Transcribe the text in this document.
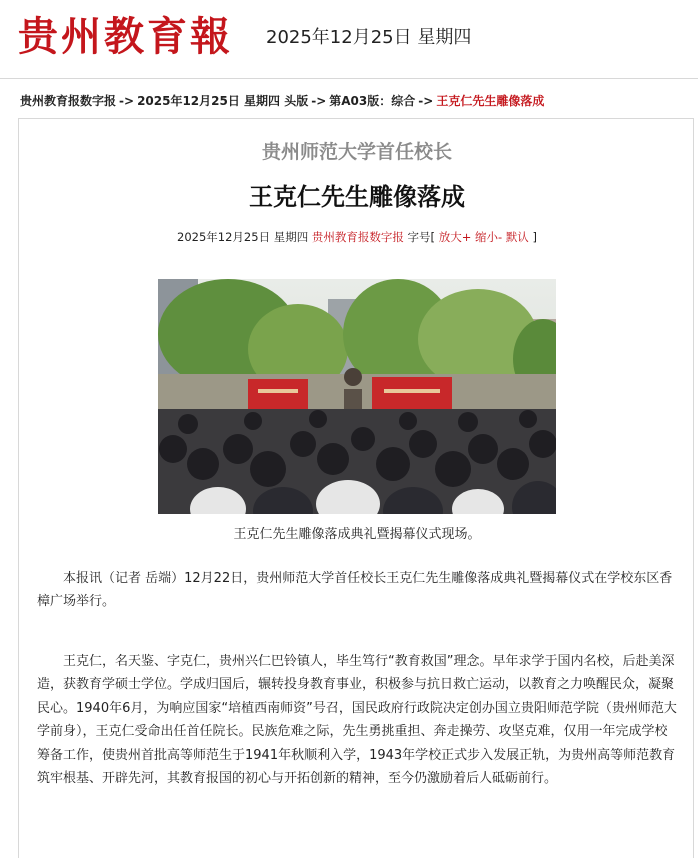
贵州教育報 2025年12月25日 星期四
贵州教育报数字报 -> 2025年12月25日 星期四 头版 -> 第A03版：综合 -> 王克仁先生雕像落成
贵州师范大学首任校长
王克仁先生雕像落成
2025年12月25日 星期四 贵州教育报数字报 字号[ 放大+ 缩小- 默认 ]
王克仁先生雕像落成典礼暨揭幕仪式现场。

本报讯（记者 岳端）12月22日，贵州师范大学首任校长王克仁先生雕像落成典礼暨揭幕仪式在学校东区香樟广场举行。

王克仁，名天鉴、字克仁，贵州兴仁巴铃镇人，毕生笃行“教育救国”理念。早年求学于国内名校，后赴美深造，获教育学硕士学位。学成归国后，辗转投身教育事业，积极参与抗日救亡运动，以教育之力唤醒民众，凝聚民心。1940年6月，为响应国家“培植西南师资”号召，国民政府行政院决定创办国立贵阳师范学院（贵州师范大学前身），王克仁受命出任首任院长。民族危难之际，先生勇挑重担、奔走操劳、攻坚克难，仅用一年完成学校筹备工作，使贵州首批高等师范生于1941年秋顺利入学，1943年学校正式步入发展正轨，为贵州高等师范教育筑牢根基、开辟先河，其教育报国的初心与开拓创新的精神，至今仍激励着后人砥砺前行。
